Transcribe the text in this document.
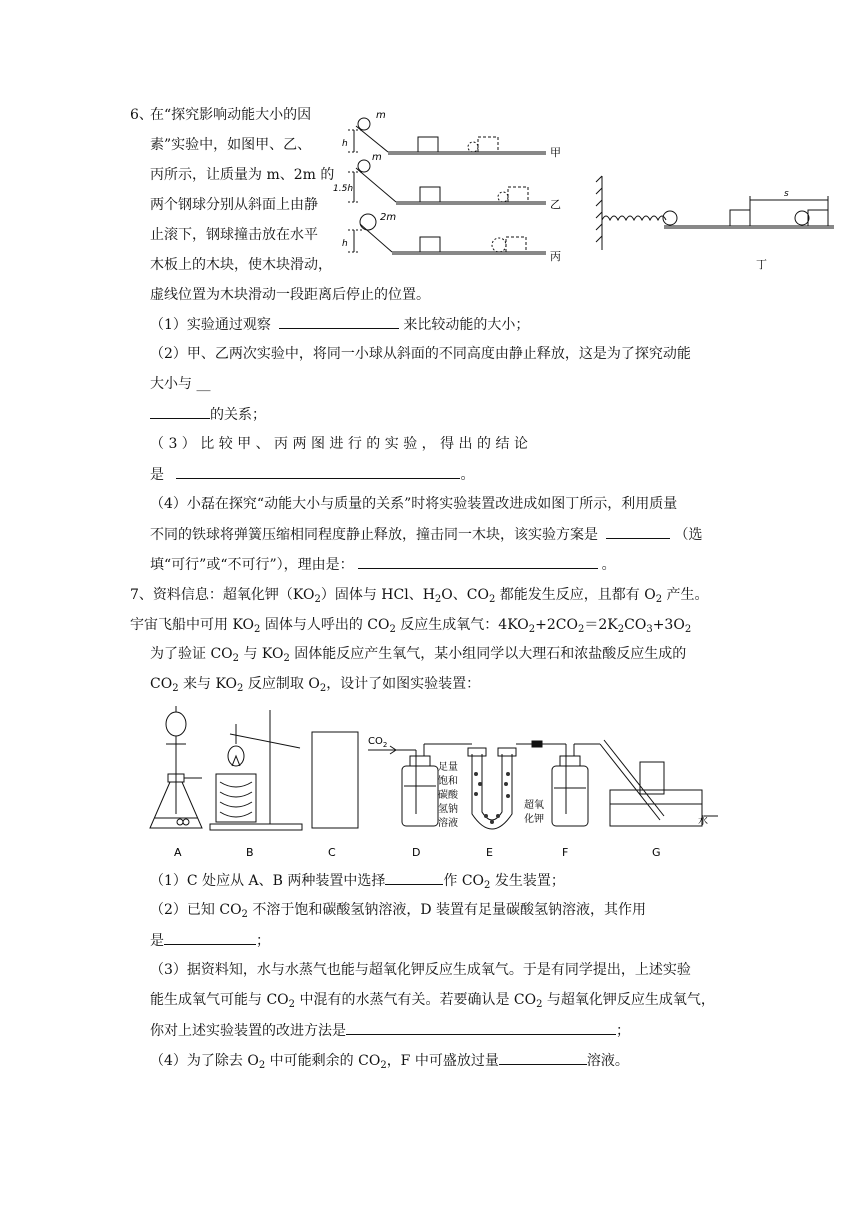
6、
在“探究影响动能大小的因
素”实验中，如图甲、乙、
丙所示，让质量为 m、2m 的
两个钢球分别从斜面上由静
止滚下，钢球撞击放在水平
木板上的木块，使木块滑动，
虚线位置为木块滑动一段距离后停止的位置。
m
m
2m
h
1.5h
h
甲
乙
丙
s
丁
（1）实验通过观察	来比较动能的大小；
（2）甲、乙两次实验中，将同一小球从斜面的不同高度由静止释放，这是为了探究动能
大小与 __
的关系；
（ 3 ） 比 较 甲 、 丙 两 图 进 行 的 实 验 ， 得 出 的 结 论
是	。
（4）小磊在探究“动能大小与质量的关系”时将实验装置改进成如图丁所示，利用质量
不同的铁球将弹簧压缩相同程度静止释放，撞击同一木块，该实验方案是	（选
填“可行”或“不可行”），理由是：	。
7、资料信息：超氧化钾$(KO_2)$固体与 HCl、$H_2O$、$CO_2$ 都能发生反应，且都有 $O_2$ 产生。
宇宙飞船中可用 $KO_2$ 固体与人呼出的 $CO_2$ 反应生成氧气：$4KO_2+2CO_2=2K_2CO_3+3O_2$
为了验证 $CO_2$ 与 $KO_2$ 固体能反应产生氧气，某小组同学以大理石和浓盐酸反应生成的
$CO_2$ 来与 $KO_2$ 反应制取 $O_2$，设计了如图实验装置：
$CO_2$
足量
饱和
碳酸
氢钠
溶液
超氧
化钾	水
A	B	C	D	E	F	G
（1）C 处应从 A、B 两种装置中选择	作 $CO_2$ 发生装置；
（2）已知 $CO_2$ 不溶于饱和碳酸氢钠溶液，D 装置有足量碳酸氢钠溶液，其作用
是	；
（3）据资料知，水与水蒸气也能与超氧化钾反应生成氧气。于是有同学提出，上述实验
能生成氧气可能与 $CO_2$ 中混有的水蒸气有关。若要确认是 $CO_2$ 与超氧化钾反应生成氧气，
你对上述实验装置的改进方法是	；
（4）为了除去 $O_2$ 中可能剩余的 $CO_2$，F 中可盛放过量	溶液。
